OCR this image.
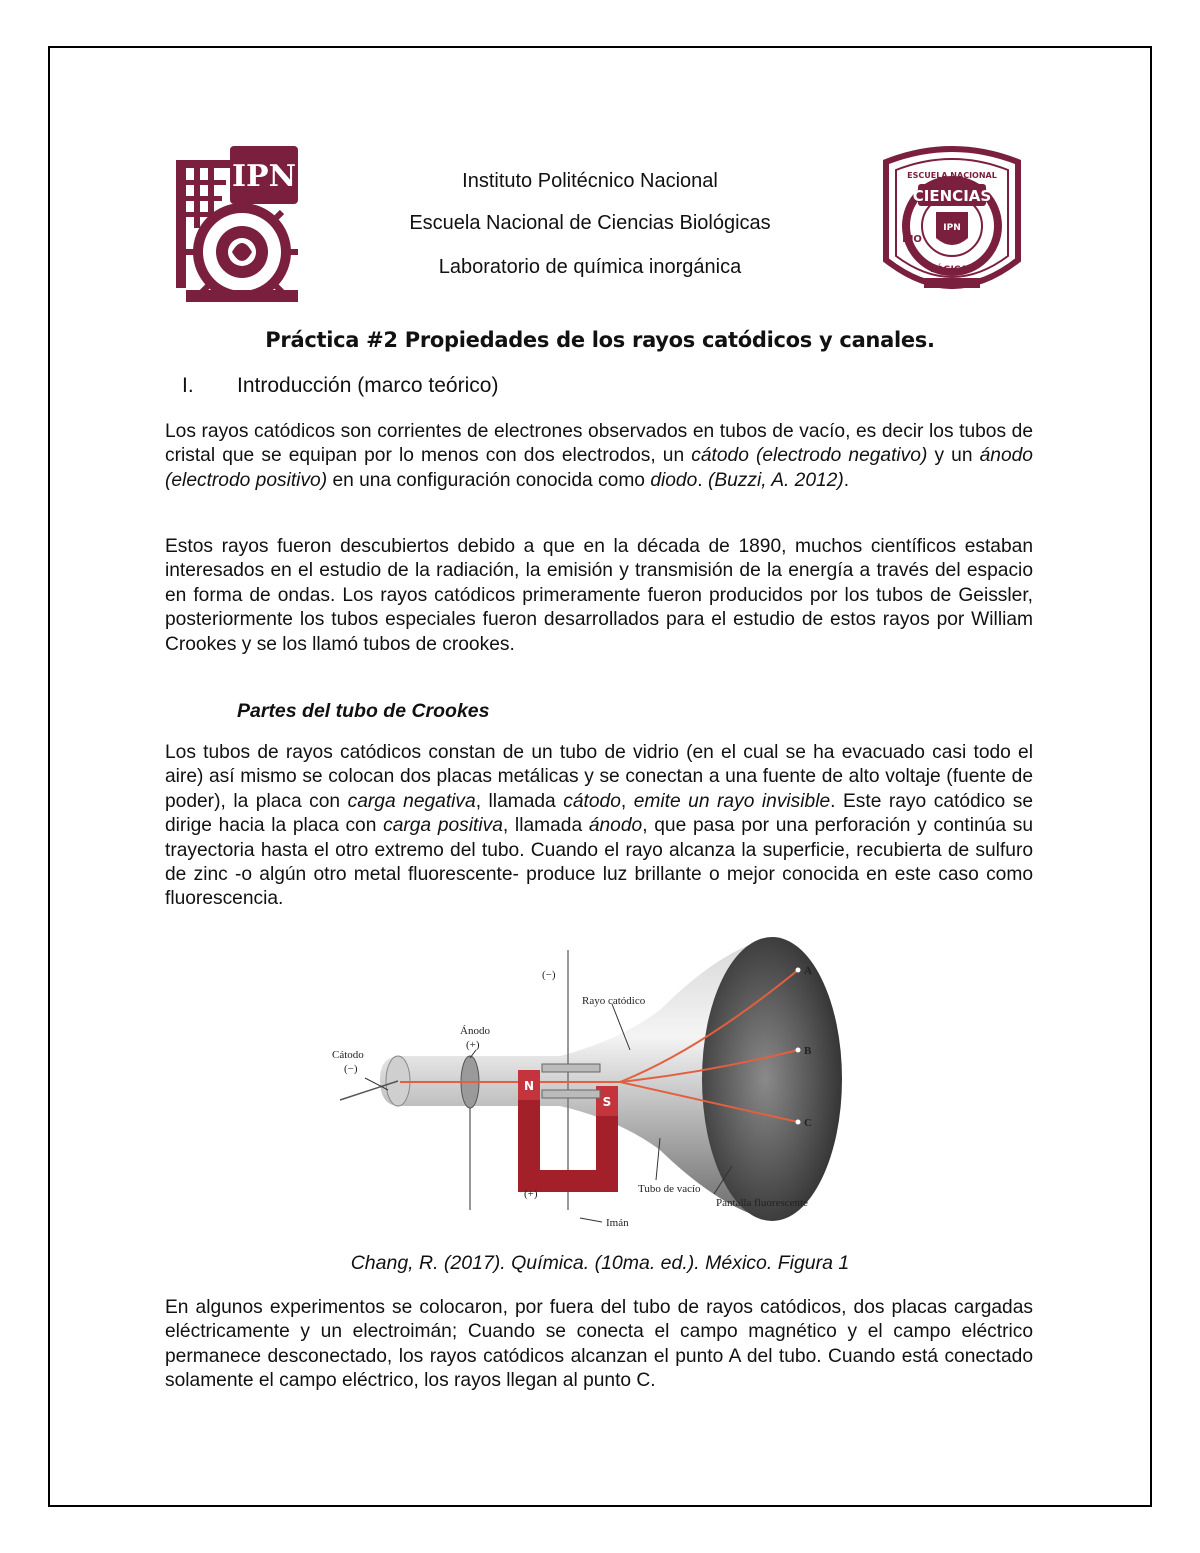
IPN
CIENCIAS
ESCUELA NACIONAL
BIO
LÓGICAS
IPN
Instituto Politécnico Nacional
Escuela Nacional de Ciencias Biológicas
Laboratorio de química inorgánica
Práctica #2 Propiedades de los rayos catódicos y canales.
I. Introducción (marco teórico)

Los rayos catódicos son corrientes de electrones observados en tubos de vacío, es decir los tubos de cristal que se equipan por lo menos con dos electrodos, un cátodo (electrodo negativo) y un ánodo (electrodo positivo) en una configuración conocida como diodo. (Buzzi, A. 2012).

Estos rayos fueron descubiertos debido a que en la década de 1890, muchos científicos estaban interesados en el estudio de la radiación, la emisión y transmisión de la energía a través del espacio en forma de ondas. Los rayos catódicos primeramente fueron producidos por los tubos de Geissler, posteriormente los tubos especiales fueron desarrollados para el estudio de estos rayos por William Crookes y se los llamó tubos de crookes.

Partes del tubo de Crookes

Los tubos de rayos catódicos constan de un tubo de vidrio (en el cual se ha evacuado casi todo el aire) así mismo se colocan dos placas metálicas y se conectan a una fuente de alto voltaje (fuente de poder), la placa con carga negativa, llamada cátodo, emite un rayo invisible. Este rayo catódico se dirige hacia la placa con carga positiva, llamada ánodo, que pasa por una perforación y continúa su trayectoria hasta el otro extremo del tubo. Cuando el rayo alcanza la superficie, recubierta de sulfuro de zinc -o algún otro metal fluorescente- produce luz brillante o mejor conocida en este caso como fluorescencia.

N
S
Cátodo
(−)
Ánodo
(+)
(−)
(+)
Rayo catódico
Tubo de vacío
Imán
Pantalla fluorescente
A
B
C
Chang, R. (2017). Química. (10ma. ed.). México. Figura 1

En algunos experimentos se colocaron, por fuera del tubo de rayos catódicos, dos placas cargadas eléctricamente y un electroimán; Cuando se conecta el campo magnético y el campo eléctrico permanece desconectado, los rayos catódicos alcanzan el punto A del tubo. Cuando está conectado solamente el campo eléctrico, los rayos llegan al punto C.
